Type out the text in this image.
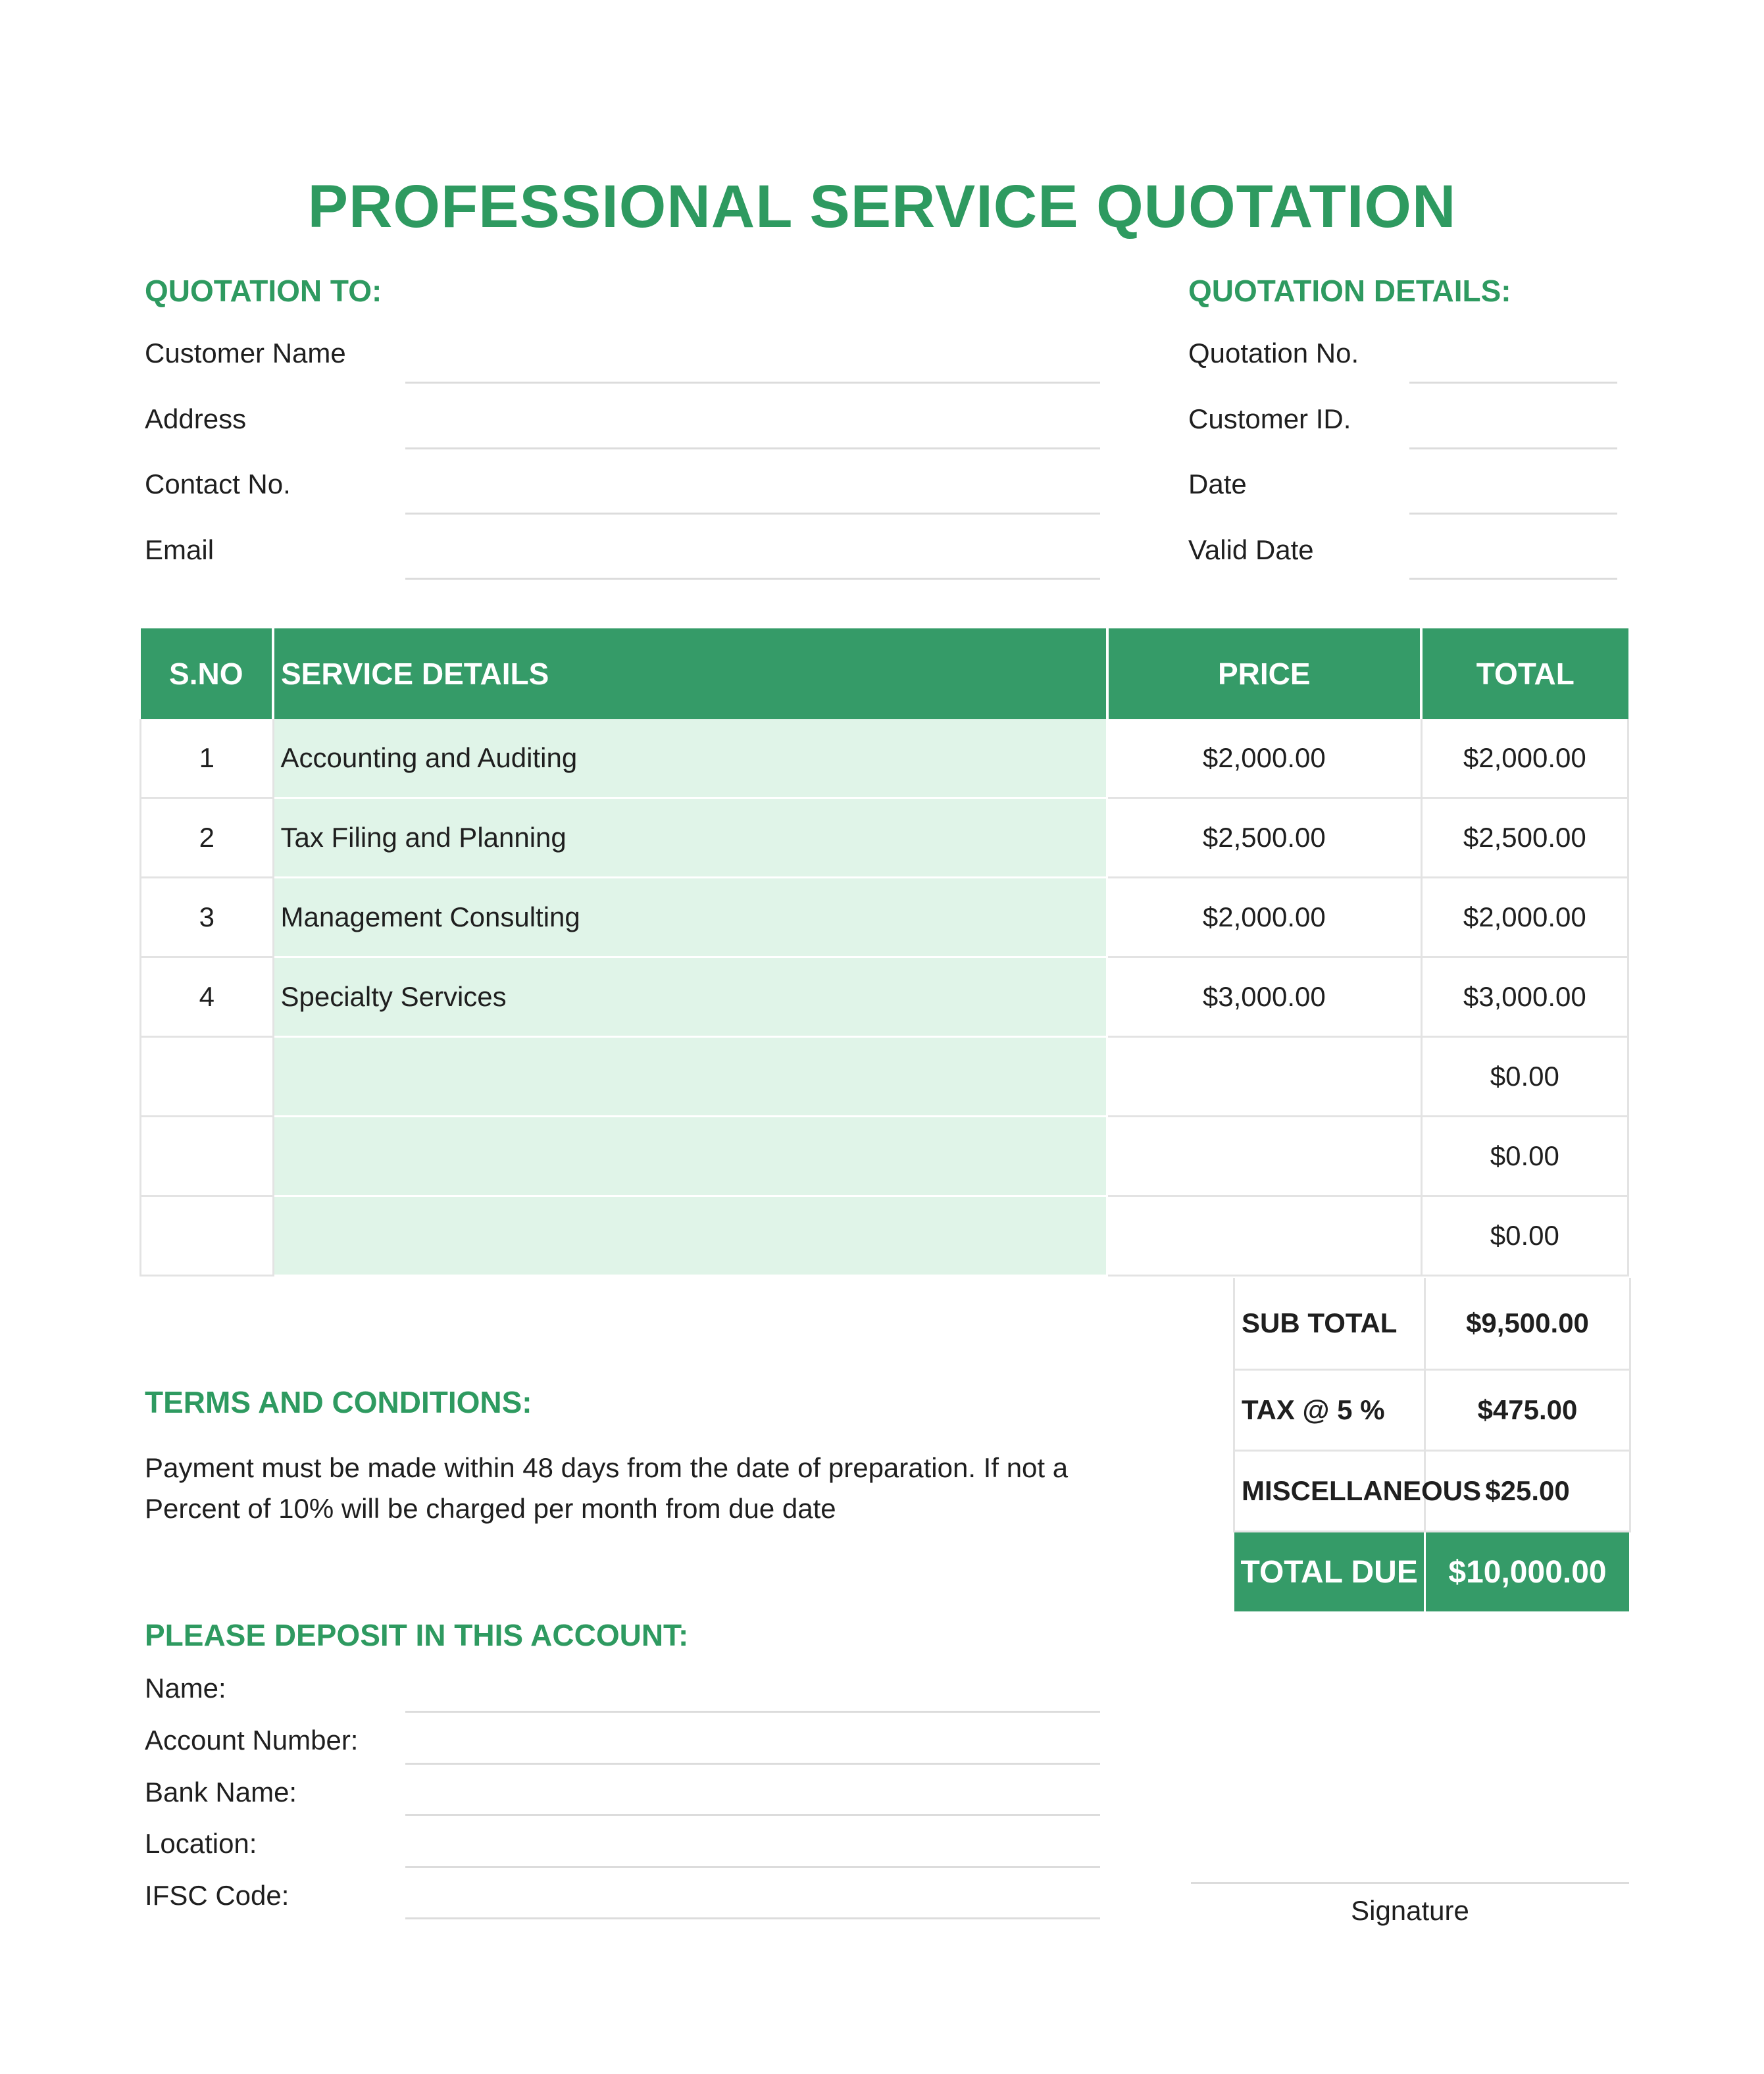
PROFESSIONAL SERVICE QUOTATION
QUOTATION TO:
Customer Name
Address
Contact No.
Email
QUOTATION DETAILS:
Quotation No.
Customer ID.
Date
Valid Date
S.NO	SERVICE DETAILS	PRICE	TOTAL
1	Accounting and Auditing	$2,000.00	$2,000.00
2	Tax Filing and Planning	$2,500.00	$2,500.00
3	Management Consulting	$2,000.00	$2,000.00
4	Specialty Services	$3,000.00	$3,000.00
			$0.00
			$0.00
			$0.00
SUB TOTAL	$9,500.00
TAX @ 5 %	$475.00
MISCELLANEOUS	$25.00
TOTAL DUE	$10,000.00
TERMS AND CONDITIONS:
Payment must be made within 48 days from the date of preparation. If not a
Percent of 10% will be charged per month from due date
PLEASE DEPOSIT IN THIS ACCOUNT:
Name:
Account Number:
Bank Name:
Location:
IFSC Code:	Signature
